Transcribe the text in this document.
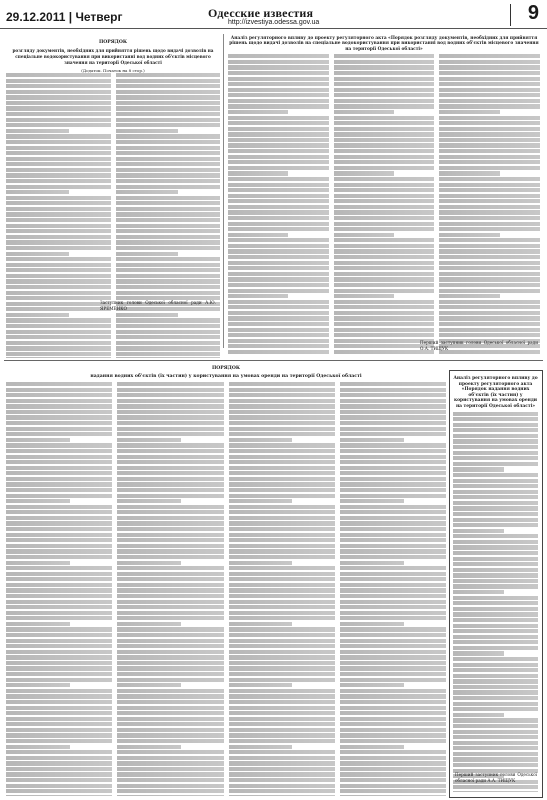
29.12.2011 | Четверг	Одесские известия
http://izvestiya.odessa.gov.ua	9
ПОРЯДОК
розгляду документів, необхідних для прийняття рішень щодо видачі дозволів на спеціальне водокористування при використанні вод водних об'єктів місцевого значення на території Одеської області
(Додаток. Початок на 8 стор.)
Заступник голови Одеської обласної ради А.Ю. ЯРЕМЕНКО
Аналіз регуляторного впливу до проекту регуляторного акта «Порядок розгляду документів, необхідних для прийняття рішень щодо видачі дозволів на спеціальне водокористування при використанні вод водних об'єктів місцевого значення на території Одеської області»
Перший заступник голови Одеської обласної ради О.А. ТИЩУК
ПОРЯДОК
надання водних об'єктів (їх частин) у користування на умовах оренди на території Одеської області	Аналіз регуляторного впливу до проекту регуляторного акта «Порядок надання водних об'єктів (їх частин) у користування на умовах оренди на території Одеської області»
Перший заступник голови Одеської обласної ради А.А. ТИЩУК
